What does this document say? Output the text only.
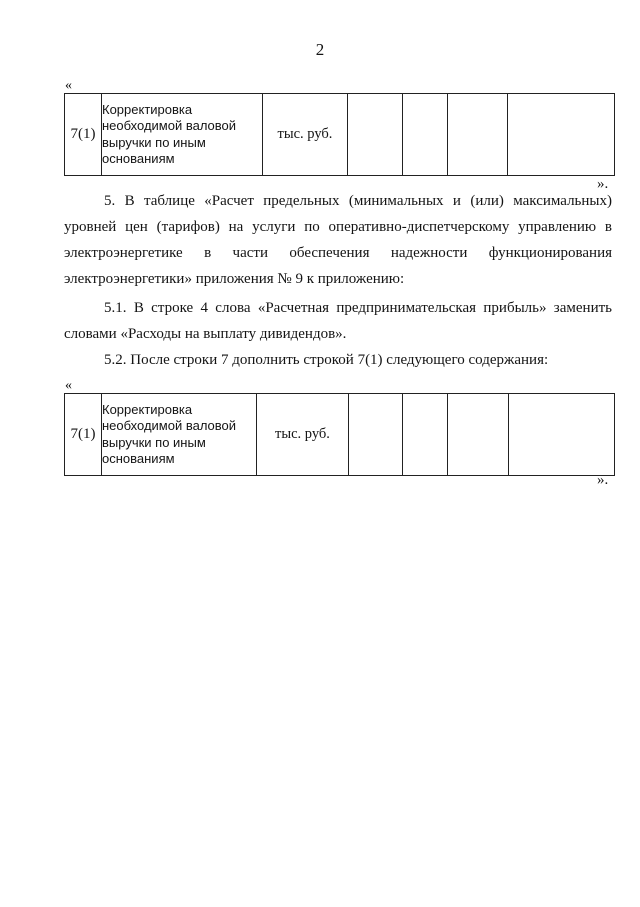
2
«
7(1)	Корректировка необходимой валовой выручки по иным основаниям	тыс. руб.				
».

5. В таблице «Расчет предельных (минимальных и (или) максимальных) уровней цен (тарифов) на услуги по оперативно-диспетчерскому управлению в электроэнергетике в части обеспечения надежности функционирования электроэнергетики» приложения № 9 к приложению:

5.1. В строке 4 слова «Расчетная предпринимательская прибыль» заменить словами «Расходы на выплату дивидендов».

5.2. После строки 7 дополнить строкой 7(1) следующего содержания:

«
7(1)	Корректировка необходимой валовой выручки по иным основаниям	тыс. руб.				
».
